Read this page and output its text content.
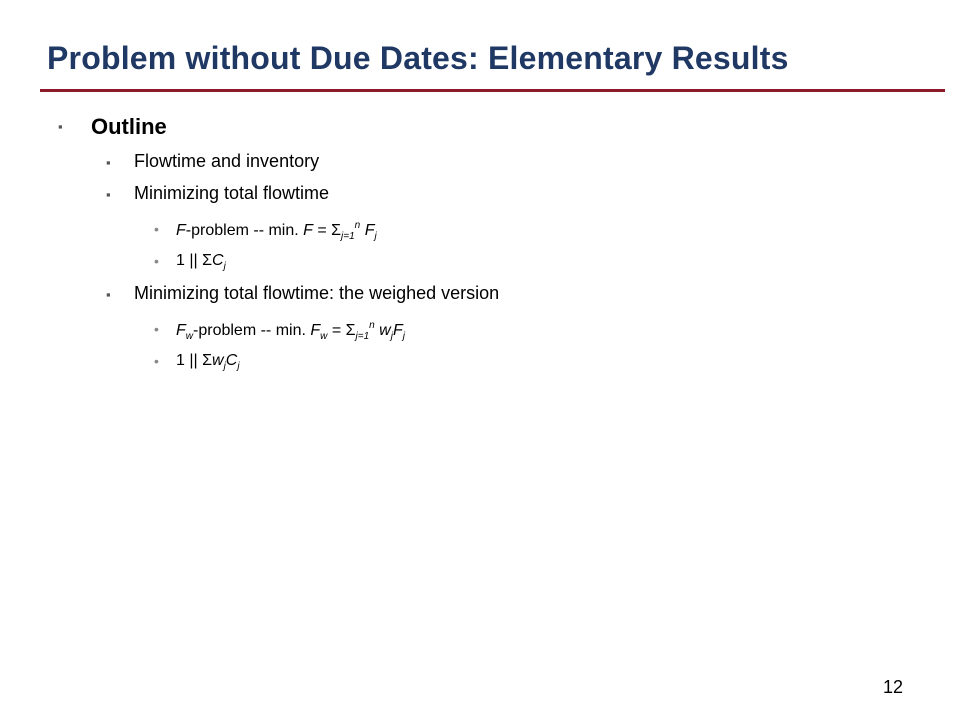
Problem without Due Dates: Elementary Results
▪ Outline
▪ Flowtime and inventory
▪ Minimizing total flowtime
• F-problem -- min. $F = \Sigma_{j=1}^n$ $F_j$
• 1 || $\Sigma C_j$
▪ Minimizing total flowtime: the weighed version
• $F_w$-problem -- min. $F_w = \Sigma_{j=1}^n$ $w_jF_j$
• 1 || $\Sigma w_jC_j$
12
